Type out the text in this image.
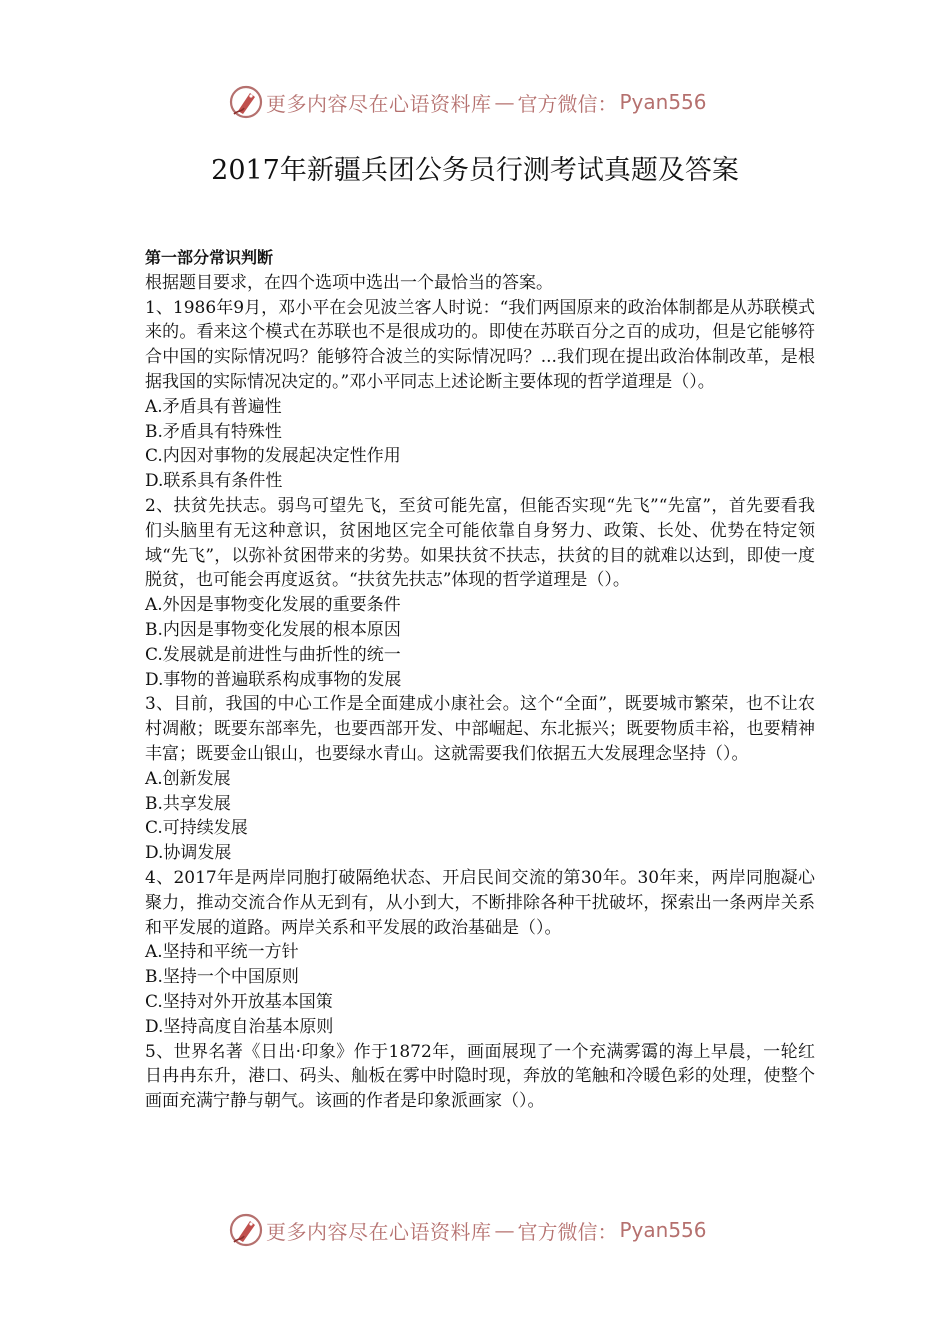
更多内容尽在心语资料库 — 官方微信： Pyan556
2017年新疆兵团公务员行测考试真题及答案

第一部分常识判断

根据题目要求，在四个选项中选出一个最恰当的答案。

1、1986年9月，邓小平在会见波兰客人时说：“我们两国原来的政治体制都是从苏联模式来的。看来这个模式在苏联也不是很成功的。即使在苏联百分之百的成功，但是它能够符合中国的实际情况吗？能够符合波兰的实际情况吗？...我们现在提出政治体制改革，是根据我国的实际情况决定的。”邓小平同志上述论断主要体现的哲学道理是（）。

A.矛盾具有普遍性

B.矛盾具有特殊性

C.内因对事物的发展起决定性作用

D.联系具有条件性

2、扶贫先扶志。弱鸟可望先飞，至贫可能先富，但能否实现“先飞”“先富”，首先要看我们头脑里有无这种意识，贫困地区完全可能依靠自身努力、政策、长处、优势在特定领域“先飞”，以弥补贫困带来的劣势。如果扶贫不扶志，扶贫的目的就难以达到，即使一度脱贫，也可能会再度返贫。“扶贫先扶志”体现的哲学道理是（）。

A.外因是事物变化发展的重要条件

B.内因是事物变化发展的根本原因

C.发展就是前进性与曲折性的统一

D.事物的普遍联系构成事物的发展

3、目前，我国的中心工作是全面建成小康社会。这个“全面”，既要城市繁荣，也不让农村凋敝；既要东部率先，也要西部开发、中部崛起、东北振兴；既要物质丰裕，也要精神丰富；既要金山银山，也要绿水青山。这就需要我们依据五大发展理念坚持（）。

A.创新发展

B.共享发展

C.可持续发展

D.协调发展

4、2017年是两岸同胞打破隔绝状态、开启民间交流的第30年。30年来，两岸同胞凝心聚力，推动交流合作从无到有，从小到大，不断排除各种干扰破坏，探索出一条两岸关系和平发展的道路。两岸关系和平发展的政治基础是（）。

A.坚持和平统一方针

B.坚持一个中国原则

C.坚持对外开放基本国策

D.坚持高度自治基本原则

5、世界名著《日出·印象》作于1872年，画面展现了一个充满雾霭的海上早晨，一轮红日冉冉东升，港口、码头、舢板在雾中时隐时现，奔放的笔触和冷暖色彩的处理，使整个画面充满宁静与朝气。该画的作者是印象派画家（）。

更多内容尽在心语资料库 — 官方微信： Pyan556
